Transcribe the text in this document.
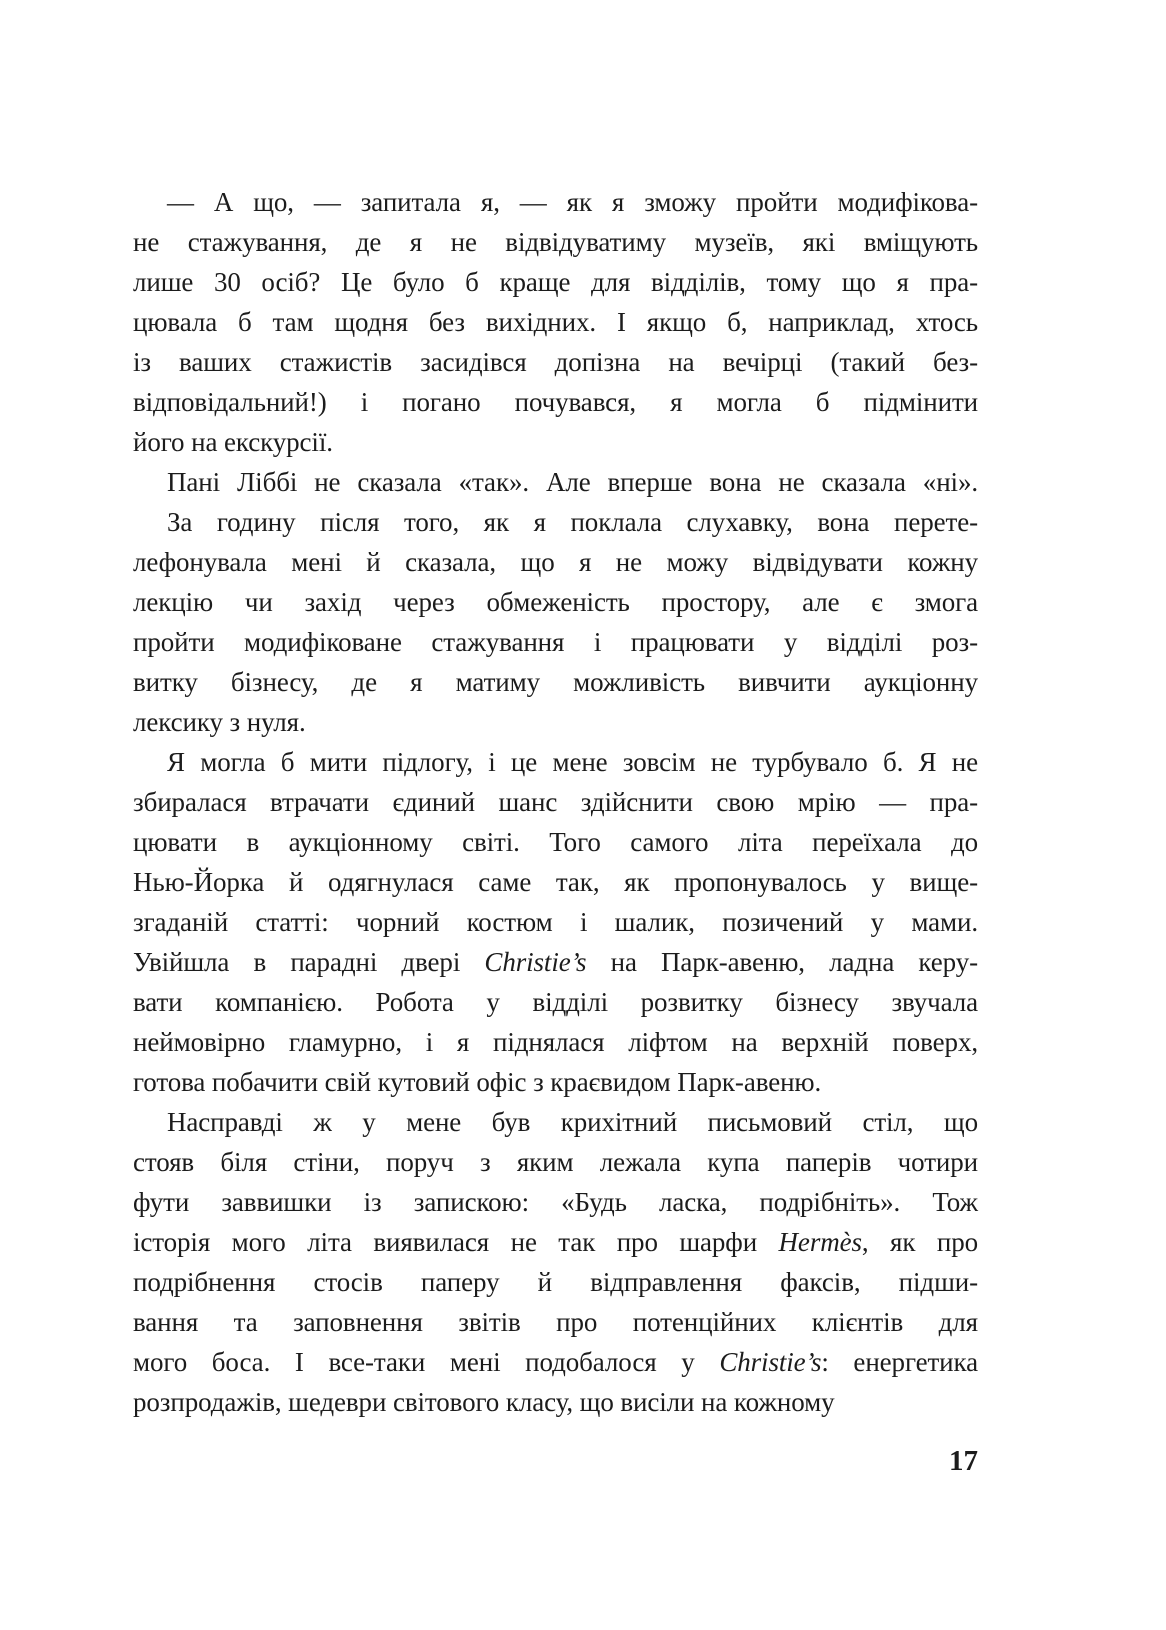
— А що, — запитала я, — як я зможу пройти модифікова-
не стажування, де я не відвідуватиму музеїв, які вміщують
лише 30 осіб? Це було б краще для відділів, тому що я пра-
цювала б там щодня без вихідних. І якщо б, наприклад, хтось
із ваших стажистів засидівся допізна на вечірці (такий без-
відповідальний!) і погано почувався, я могла б підмінити
його на екскурсії.
Пані Ліббі не сказала «так». Але вперше вона не сказала «ні».
За годину після того, як я поклала слухавку, вона перете-
лефонувала мені й сказала, що я не можу відвідувати кожну
лекцію чи захід через обмеженість простору, але є змога
пройти модифіковане стажування і працювати у відділі роз-
витку бізнесу, де я матиму можливість вивчити аукціонну
лексику з нуля.
Я могла б мити підлогу, і це мене зовсім не турбувало б. Я не
збиралася втрачати єдиний шанс здійснити свою мрію — пра-
цювати в аукціонному світі. Того самого літа переїхала до
Нью-Йорка й одягнулася саме так, як пропонувалось у вище-
згаданій статті: чорний костюм і шалик, позичений у мами.
Увійшла в парадні двері Christie’s на Парк-авеню, ладна керу-
вати компанією. Робота у відділі розвитку бізнесу звучала
неймовірно гламурно, і я піднялася ліфтом на верхній поверх,
готова побачити свій кутовий офіс з краєвидом Парк-авеню.
Насправді ж у мене був крихітний письмовий стіл, що
стояв біля стіни, поруч з яким лежала купа паперів чотири
фути заввишки із запискою: «Будь ласка, подрібніть». Тож
історія мого літа виявилася не так про шарфи Hermès, як про
подрібнення стосів паперу й відправлення факсів, підши-
вання та заповнення звітів про потенційних клієнтів для
мого боса. І все-таки мені подобалося у Christie’s: енергетика
розпродажів, шедеври світового класу, що висіли на кожному
17
